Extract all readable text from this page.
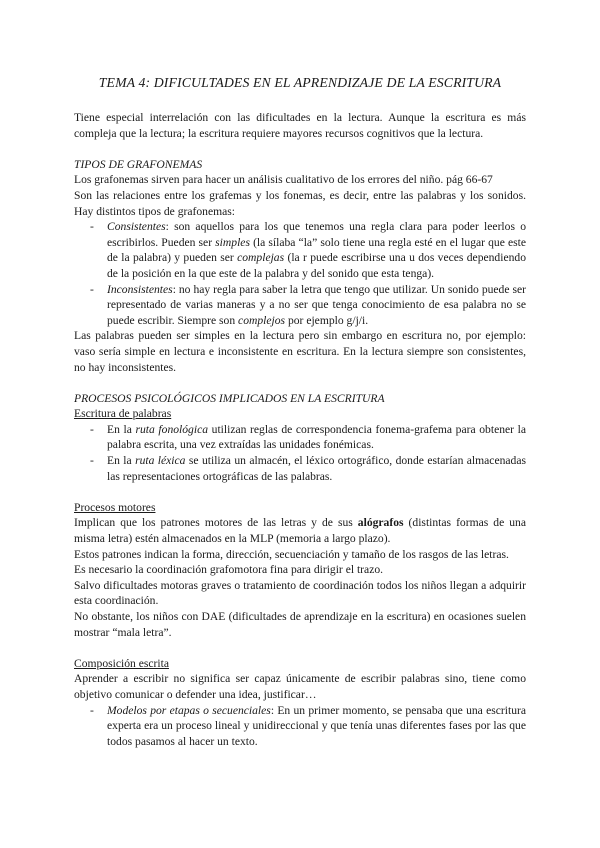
TEMA 4: DIFICULTADES EN EL APRENDIZAJE DE LA ESCRITURA

Tiene especial interrelación con las dificultades en la lectura. Aunque la escritura es más compleja que la lectura; la escritura requiere mayores recursos cognitivos que la lectura.

TIPOS DE GRAFONEMAS

Los grafonemas sirven para hacer un análisis cualitativo de los errores del niño. pág 66-67

Son las relaciones entre los grafemas y los fonemas, es decir, entre las palabras y los sonidos. Hay distintos tipos de grafonemas:

- Consistentes: son aquellos para los que tenemos una regla clara para poder leerlos o escribirlos. Pueden ser simples (la sílaba “la” solo tiene una regla esté en el lugar que este de la palabra) y pueden ser complejas (la r puede escribirse una u dos veces dependiendo de la posición en la que este de la palabra y del sonido que esta tenga).
- Inconsistentes: no hay regla para saber la letra que tengo que utilizar. Un sonido puede ser representado de varias maneras y a no ser que tenga conocimiento de esa palabra no se puede escribir. Siempre son complejos por ejemplo g/j/i.

Las palabras pueden ser simples en la lectura pero sin embargo en escritura no, por ejemplo: vaso sería simple en lectura e inconsistente en escritura. En la lectura siempre son consistentes, no hay inconsistentes.

PROCESOS PSICOLÓGICOS IMPLICADOS EN LA ESCRITURA

Escritura de palabras

- En la ruta fonológica utilizan reglas de correspondencia fonema-grafema para obtener la palabra escrita, una vez extraídas las unidades fonémicas.
- En la ruta léxica se utiliza un almacén, el léxico ortográfico, donde estarían almacenadas las representaciones ortográficas de las palabras.

Procesos motores

Implican que los patrones motores de las letras y de sus alógrafos (distintas formas de una misma letra) estén almacenados en la MLP (memoria a largo plazo).

Estos patrones indican la forma, dirección, secuenciación y tamaño de los rasgos de las letras.

Es necesario la coordinación grafomotora fina para dirigir el trazo.

Salvo dificultades motoras graves o tratamiento de coordinación todos los niños llegan a adquirir esta coordinación.

No obstante, los niños con DAE (dificultades de aprendizaje en la escritura) en ocasiones suelen mostrar “mala letra”.

Composición escrita

Aprender a escribir no significa ser capaz únicamente de escribir palabras sino, tiene como objetivo comunicar o defender una idea, justificar…

- Modelos por etapas o secuenciales: En un primer momento, se pensaba que una escritura experta era un proceso lineal y unidireccional y que tenía unas diferentes fases por las que todos pasamos al hacer un texto.
